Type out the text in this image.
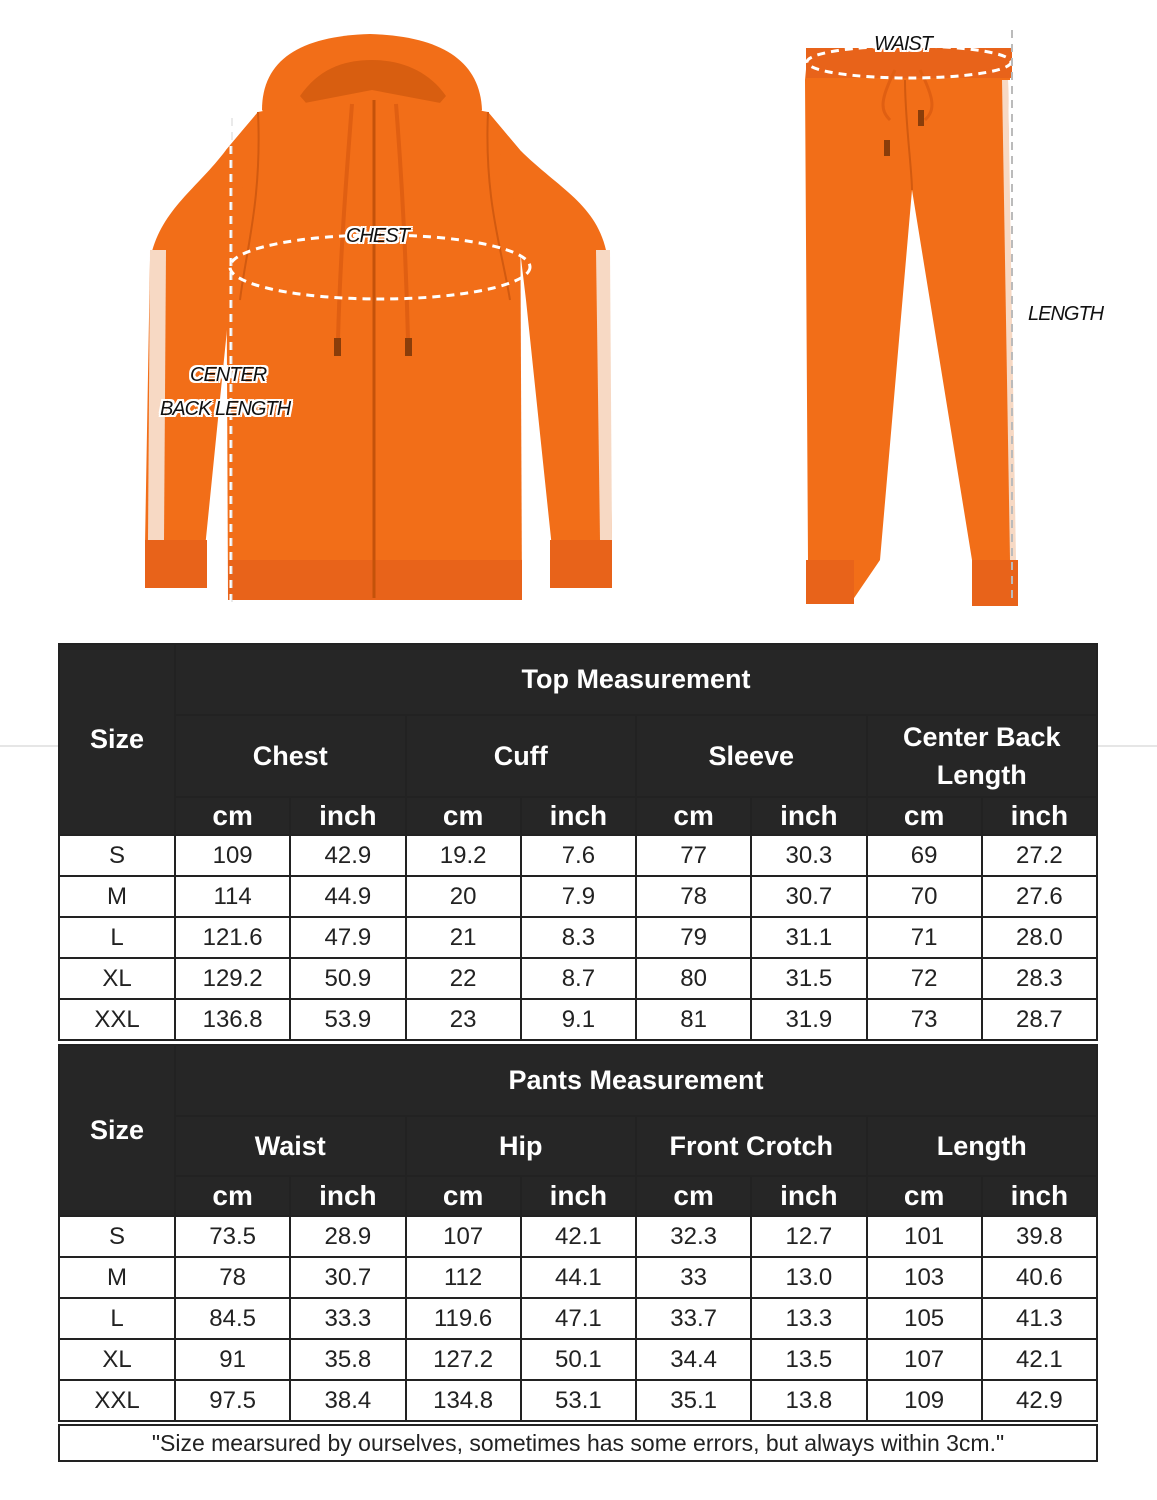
WAIST
CHEST
LENGTH
CENTER
BACK LENGTH
Size	Top Measurement							
	Chest		Cuff		Sleeve		Center Back Length	
	cm	inch	cm	inch	cm	inch	cm	inch
S	109	42.9	19.2	7.6	77	30.3	69	27.2
M	114	44.9	20	7.9	78	30.7	70	27.6
L	121.6	47.9	21	8.3	79	31.1	71	28.0
XL	129.2	50.9	22	8.7	80	31.5	72	28.3
XXL	136.8	53.9	23	9.1	81	31.9	73	28.7
Size	Pants Measurement							
	Waist		Hip		Front Crotch		Length	
	cm	inch	cm	inch	cm	inch	cm	inch
S	73.5	28.9	107	42.1	32.3	12.7	101	39.8
M	78	30.7	112	44.1	33	13.0	103	40.6
L	84.5	33.3	119.6	47.1	33.7	13.3	105	41.3
XL	91	35.8	127.2	50.1	34.4	13.5	107	42.1
XXL	97.5	38.4	134.8	53.1	35.1	13.8	109	42.9
"Size mearsured by ourselves, sometimes has some errors, but always within 3cm."
